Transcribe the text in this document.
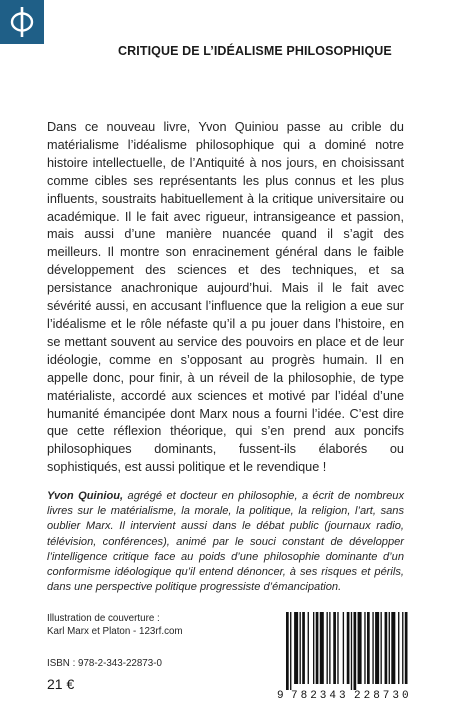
CRITIQUE DE L’IDÉALISME PHILOSOPHIQUE

Dans ce nouveau livre, Yvon Quiniou passe au crible du matérialisme l’idéalisme philosophique qui a dominé notre histoire intellectuelle, de l’Antiquité à nos jours, en choisissant comme cibles ses représentants les plus connus et les plus influents, soustraits habituellement à la critique universitaire ou académique. Il le fait avec rigueur, intransigeance et passion, mais aussi d’une manière nuancée quand il s’agit des meilleurs. Il montre son enracinement général dans le faible développement des sciences et des techniques, et sa persistance anachronique aujourd’hui. Mais il le fait avec sévérité aussi, en accusant l’influence que la religion a eue sur l’idéalisme et le rôle néfaste qu’il a pu jouer dans l’histoire, en se mettant souvent au service des pouvoirs en place et de leur idéologie, comme en s’opposant au progrès humain. Il en appelle donc, pour finir, à un réveil de la philosophie, de type matérialiste, accordé aux sciences et motivé par l’idéal d’une humanité émancipée dont Marx nous a fourni l’idée. C’est dire que cette réflexion théorique, qui s’en prend aux poncifs philosophiques dominants, fussent-ils élaborés ou sophistiqués, est aussi politique et le revendique !

Yvon Quiniou, agrégé et docteur en philosophie, a écrit de nombreux livres sur le matérialisme, la morale, la politique, la religion, l’art, sans oublier Marx. Il intervient aussi dans le débat public (journaux radio, télévision, conférences), animé par le souci constant de développer l’intelligence critique face au poids d’une philosophie dominante d’un conformisme idéologique qu’il entend dénoncer, à ses risques et périls, dans une perspective politique progressiste d’émancipation.

Illustration de couverture :
Karl Marx et Platon - 123rf.com
ISBN : 978-2-343-22873-0
21 €
9 782343 228730
